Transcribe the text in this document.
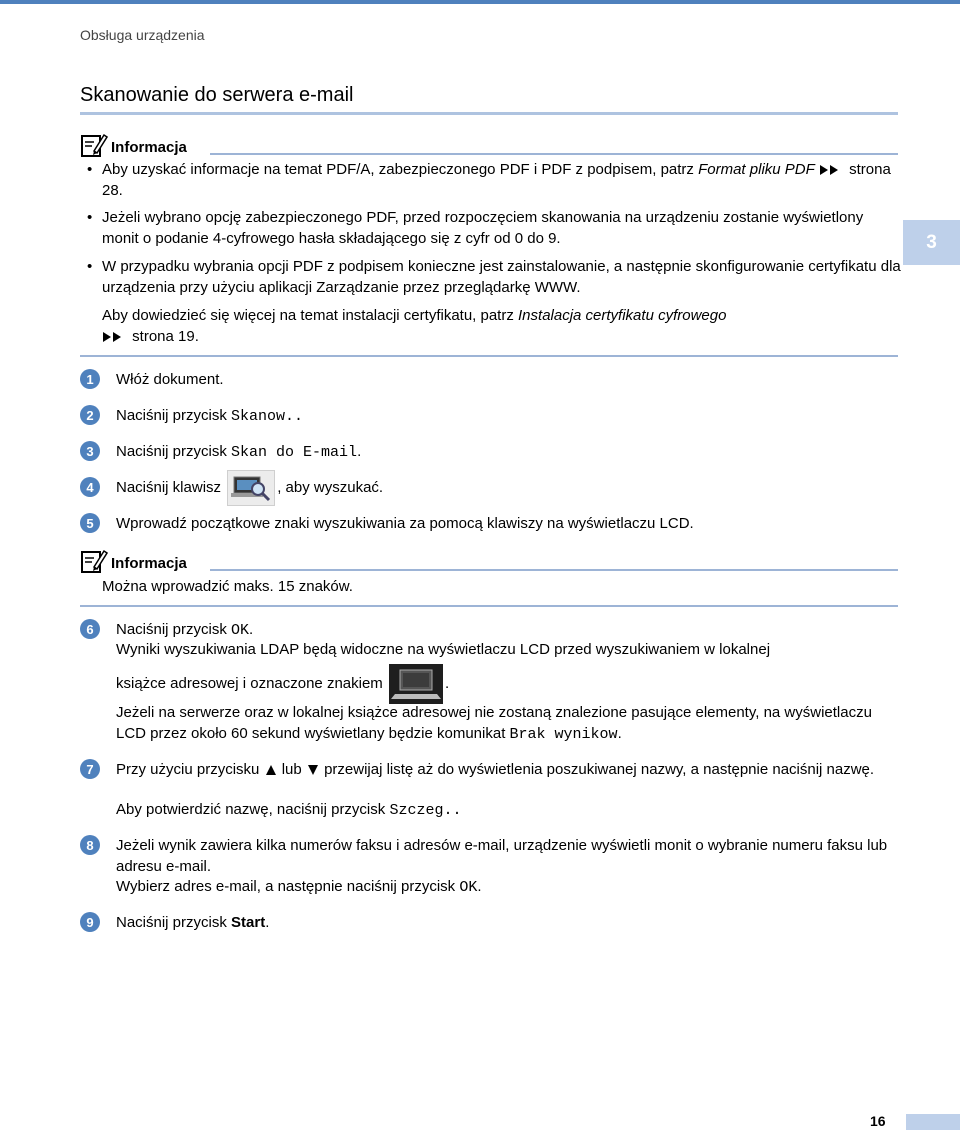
Obsługa urządzenia
Skanowanie do serwera e-mail
3
Informacja
• Aby uzyskać informacje na temat PDF/A, zabezpieczonego PDF i PDF z podpisem, patrz Format pliku PDF  strona 28.
• Jeżeli wybrano opcję zabezpieczonego PDF, przed rozpoczęciem skanowania na urządzeniu zostanie wyświetlony monit o podanie 4-cyfrowego hasła składającego się z cyfr od 0 do 9.
• W przypadku wybrania opcji PDF z podpisem konieczne jest zainstalowanie, a następnie skonfigurowanie certyfikatu dla urządzenia przy użyciu aplikacji Zarządzanie przez przeglądarkę WWW.
Aby dowiedzieć się więcej na temat instalacji certyfikatu, patrz Instalacja certyfikatu cyfrowego
strona 19.
1	Włóż dokument.
2	Naciśnij przycisk Skanow..
3	Naciśnij przycisk Skan do E-mail.
4	Naciśnij klawisz	, aby wyszukać.
5	Wprowadź początkowe znaki wyszukiwania za pomocą klawiszy na wyświetlaczu LCD.
Informacja
Można wprowadzić maks. 15 znaków.
6	Naciśnij przycisk OK.
Wyniki wyszukiwania LDAP będą widoczne na wyświetlaczu LCD przed wyszukiwaniem w lokalnej
książce adresowej i oznaczone znakiem	.
Jeżeli na serwerze oraz w lokalnej książce adresowej nie zostaną znalezione pasujące elementy, na wyświetlaczu LCD przez około 60 sekund wyświetlany będzie komunikat Brak wynikow.
7	Przy użyciu przycisku  lub  przewijaj listę aż do wyświetlenia poszukiwanej nazwy, a następnie naciśnij nazwę.
Aby potwierdzić nazwę, naciśnij przycisk Szczeg..
8	Jeżeli wynik zawiera kilka numerów faksu i adresów e-mail, urządzenie wyświetli monit o wybranie numeru faksu lub adresu e-mail.
Wybierz adres e-mail, a następnie naciśnij przycisk OK.
9	Naciśnij przycisk Start.
16
